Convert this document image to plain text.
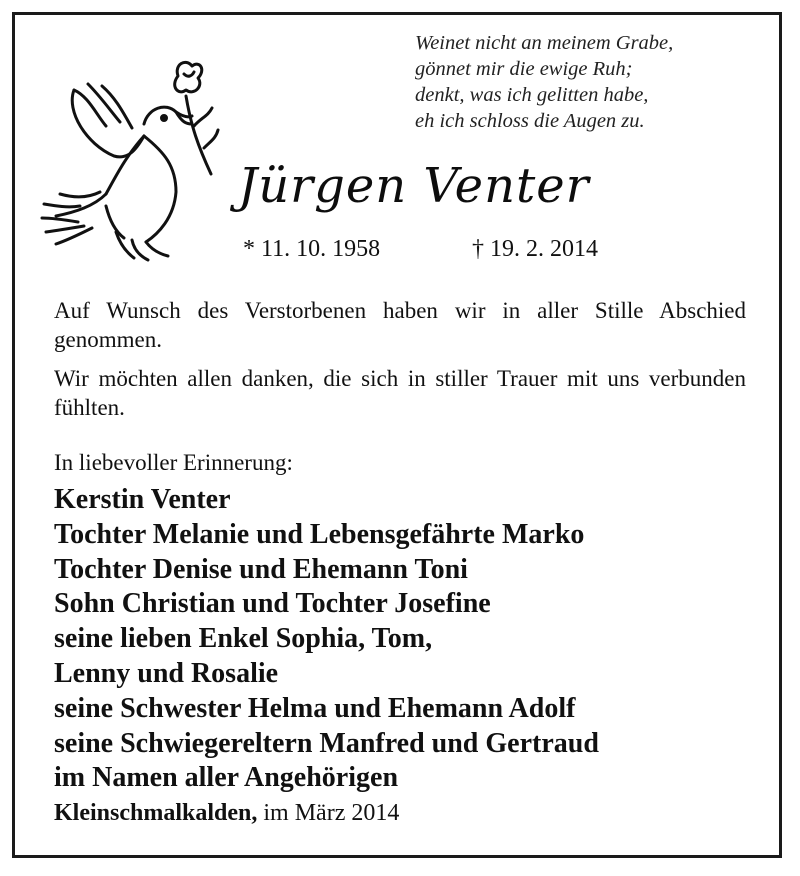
Weinet nicht an meinem Grabe,
gönnet mir die ewige Ruh;
denkt, was ich gelitten habe,
eh ich schloss die Augen zu.
Jürgen Venter
* 11. 10. 1958	† 19. 2. 2014
Auf Wunsch des Verstorbenen haben wir in aller Stille Abschied genommen.
Wir möchten allen danken, die sich in stiller Trauer mit uns verbunden fühlten.
In liebevoller Erinnerung:
Kerstin Venter
Tochter Melanie und Lebensgefährte Marko
Tochter Denise und Ehemann Toni
Sohn Christian und Tochter Josefine
seine lieben Enkel Sophia, Tom,
Lenny und Rosalie
seine Schwester Helma und Ehemann Adolf
seine Schwiegereltern Manfred und Gertraud
im Namen aller Angehörigen
Kleinschmalkalden, im März 2014
